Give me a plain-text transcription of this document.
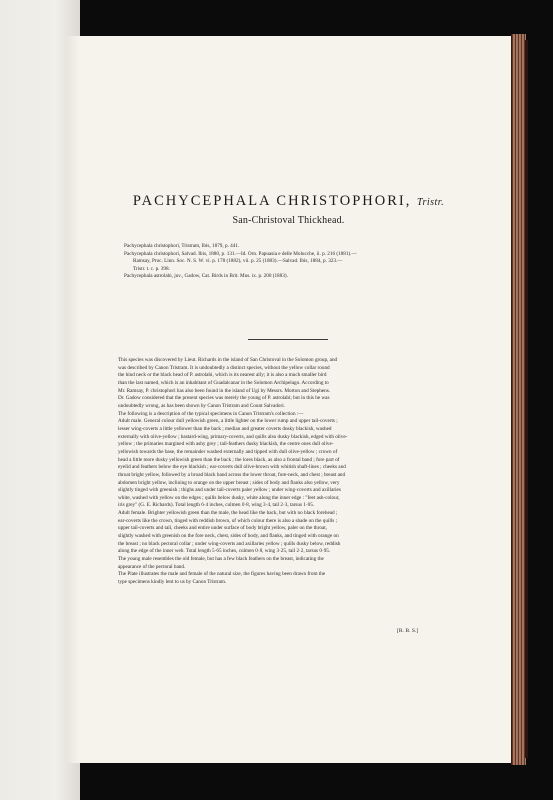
PACHYCEPHALA CHRISTOPHORI, Tristr.
San-Christoval Thickhead.
Pachycephala christophori, Tristram, Ibis, 1879, p. 441.
Pachycephala christophori, Salvad. Ibis, 1880, p. 131.—Id. Orn. Papuasia e delle Molucche, ii. p. 216 (1881).—
Ramsay, Proc. Linn. Soc. N. S. W. vi. p. 178 (1882), vii. p. 25 (1883).—Salvad. Ibis, 1884, p. 323.—
Tristr. t. c. p. 398.
Pachycephala astrolabi, juv., Gadow, Cat. Birds in Brit. Mus. ix. p. 200 (1883).
This species was discovered by Lieut. Richards in the island of San Christoval in the Solomon group, and
was described by Canon Tristram. It is undoubtedly a distinct species, without the yellow collar round
the hind neck or the black head of P. astrolabi, which is its nearest ally; it is also a much smaller bird
than the last named, which is an inhabitant of Guadalcanar in the Solomon Archipelago. According to
Mr. Ramsay, P. christophori has also been found in the island of Ugi by Messrs. Morton and Stephens.
Dr. Gadow considered that the present species was merely the young of P. astrolabi; but in this he was
undoubtedly wrong, as has been shown by Canon Tristram and Count Salvadori.
The following is a description of the typical specimens in Canon Tristram's collection :—
Adult male. General colour dull yellowish green, a little lighter on the lower rump and upper tail-coverts ;
lesser wing-coverts a little yellower than the back ; median and greater coverts dusky blackish, washed
externally with olive-yellow ; bastard-wing, primary-coverts, and quills also dusky blackish, edged with olive-
yellow ; the primaries margined with ashy grey ; tail-feathers dusky blackish, the centre ones dull olive-
yellowish towards the base, the remainder washed externally and tipped with dull olive-yellow ; crown of
head a little more dusky yellowish green than the back ; the lores black, as also a frontal band ; fore part of
eyelid and feathers below the eye blackish ; ear-coverts dull olive-brown with whitish shaft-lines ; cheeks and
throat bright yellow, followed by a broad black band across the lower throat, fore-neck, and chest ; breast and
abdomen bright yellow, inclining to orange on the upper breast ; sides of body and flanks also yellow, very
slightly tinged with greenish ; thighs and under tail-coverts paler yellow ; under wing-coverts and axillaries
white, washed with yellow on the edges ; quills below dusky, white along the inner edge : "feet ash-colour,
iris grey" (G. E. Richards). Total length 6·4 inches, culmen 0·8, wing 3·4, tail 2·3, tarsus 1·05.
Adult female. Brighter yellowish green than the male, the head like the back, but with no black forehead ;
ear-coverts like the crown, tinged with reddish brown, of which colour there is also a shade on the quills ;
upper tail-coverts and tail, cheeks and entire under surface of body bright yellow, paler on the throat,
slightly washed with greenish on the fore neck, chest, sides of body, and flanks, and tinged with orange on
the breast ; no black pectoral collar ; under wing-coverts and axillaries yellow ; quills dusky below, reddish
along the edge of the inner web. Total length 5·65 inches, culmen 0·8, wing 3·25, tail 2·2, tarsus 0·95.
The young male resembles the old female, but has a few black feathers on the breast, indicating the
appearance of the pectoral band.
The Plate illustrates the male and female of the natural size, the figures having been drawn from the
type specimens kindly lent to us by Canon Tristram.
[R. B. S.]
